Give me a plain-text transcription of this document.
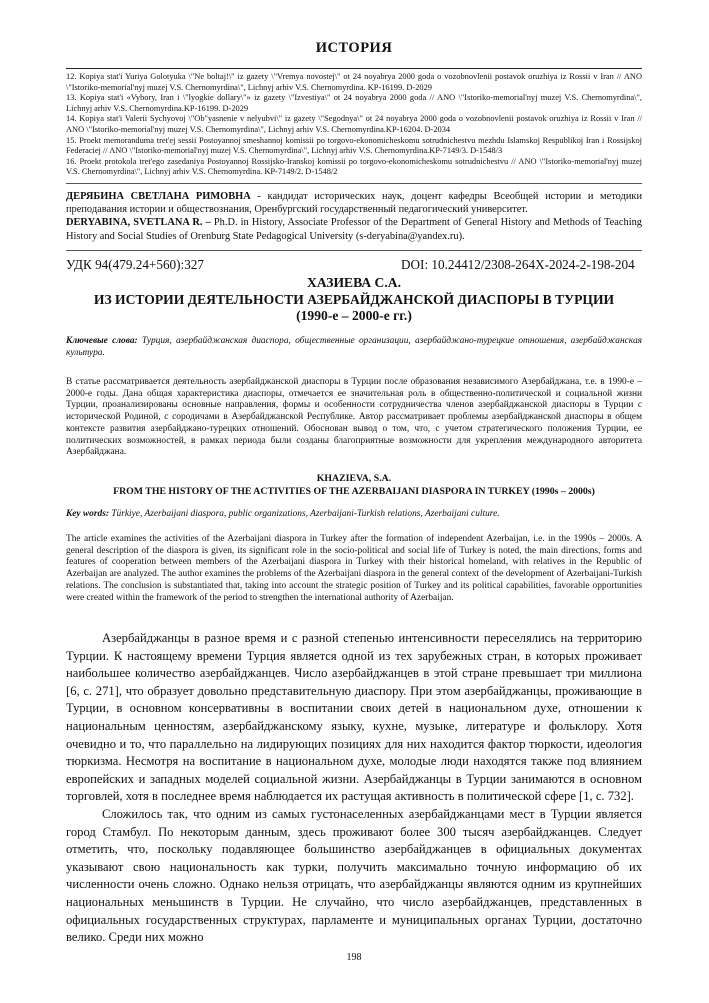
ИСТОРИЯ

12. Kopiya stat'i Yuriya Golotyuka \"Ne boltaj!\" iz gazety \"Vremya novostej\" ot 24 noyabrya 2000 goda o vozobnovlenii postavok oruzhiya iz Rossii v Iran // ANO \"Istoriko-memorial'nyj muzej V.S. Chernomyrdina\", Lichnyj arhiv V.S. Chernomyrdina. KP-16199. D-2029

13. Kopiya stat'i «Vybory, Iran i \"lyogkie dollary\"» iz gazety \"Izvestiya\" ot 24 noyabrya 2000 goda // ANO \"Istoriko-memorial'nyj muzej V.S. Chernomyrdina\", Lichnyj arhiv V.S. Chernomyrdina.KP-16199. D-2029

14. Kopiya stat'i Valeriі Sychyovoj \"Ob"yasnenie v nelyubvi\" iz gazety \"Segodnya\" ot 24 noyabrya 2000 goda o vozobnovlenii postavok oruzhiya iz Rossii v Iran // ANO \"Istoriko-memorial'nyj muzej V.S. Chernomyrdina\", Lichnyj arhiv V.S. Chernomyrdina.KP-16204. D-2034

15. Proekt memoranduma tret'ej sessii Postoyannoj smeshannoj komissii po torgovo-ekonomicheskomu sotrudnichestvu mezhdu Islamskoj Respublikoj Iran i Rossijskoj Federaciej // ANO \"Istoriko-memorial'nyj muzej V.S. Chernomyrdina\", Lichnyj arhiv V.S. Chernomyrdina.KP-7149/3. D-1548/3

16. Proekt protokola tret'ego zasedaniya Postoyannoj Rossijsko-Iranskoj komissii po torgovo-ekonomicheskomu sotrudnichestvu // ANO \"Istoriko-memorial'nyj muzej V.S. Chernomyrdina\", Lichnyj arhiv V.S. Chernomyrdina. KP-7149/2. D-1548/2

ДЕРЯБИНА СВЕТЛАНА РИМОВНА - кандидат исторических наук, доцент кафедры Всеобщей истории и методики преподавания истории и обществознания, Оренбургский государственный педагогический университет.

DERYABINA, SVETLANA R. – Ph.D. in History, Associate Professor of the Department of General History and Methods of Teaching History and Social Studies of Orenburg State Pedagogical University (s-deryabina@yandex.ru).

УДК 94(479.24+560):327	DOI: 10.24412/2308-264X-2024-2-198-204

ХАЗИЕВА С.А.

ИЗ ИСТОРИИ ДЕЯТЕЛЬНОСТИ АЗЕРБАЙДЖАНСКОЙ ДИАСПОРЫ В ТУРЦИИ

(1990-е – 2000-е гг.)

Ключевые слова: Турция, азербайджанская диаспора, общественные организации, азербайджано-турецкие отношения, азербайджанская культура.
В статье рассматривается деятельность азербайджанской диаспоры в Турции после образования независимого Азербайджана, т.е. в 1990-е – 2000-е годы. Дана общая характеристика диаспоры, отмечается ее значительная роль в общественно-политической и социальной жизни Турции, проанализированы основные направления, формы и особенности сотрудничества членов азербайджанской диаспоры в Турции с исторической Родиной, с сородичами в Азербайджанской Республике. Автор рассматривает проблемы азербайджанской диаспоры в общем контексте развития азербайджано-турецких отношений. Обоснован вывод о том, что, с учетом стратегического положения Турции, ее политических возможностей, в рамках периода были созданы благоприятные возможности для укрепления международного авторитета Азербайджана.

KHAZIEVA, S.A.

FROM THE HISTORY OF THE ACTIVITIES OF THE AZERBAIJANI DIASPORA IN TURKEY (1990s – 2000s)

Key words: Türkiye, Azerbaijani diaspora, public organizations, Azerbaijani-Turkish relations, Azerbaijani culture.
The article examines the activities of the Azerbaijani diaspora in Turkey after the formation of independent Azerbaijan, i.e. in the 1990s – 2000s. A general description of the diaspora is given, its significant role in the socio-political and social life of Turkey is noted, the main directions, forms and features of cooperation between members of the Azerbaijani diaspora in Turkey with their historical homeland, with relatives in the Republic of Azerbaijan are analyzed. The author examines the problems of the Azerbaijani diaspora in the general context of the development of Azerbaijani-Turkish relations. The conclusion is substantiated that, taking into account the strategic position of Turkey and its political capabilities, favorable opportunities were created within the framework of the period to strengthen the international authority of Azerbaijan.

Азербайджанцы в разное время и с разной степенью интенсивности переселялись на территорию Турции. К настоящему времени Турция является одной из тех зарубежных стран, в которых проживает наибольшее количество азербайджанцев. Число азербайджанцев в этой стране превышает три миллиона [6, с. 271], что образует довольно представительную диаспору. При этом азербайджанцы, проживающие в Турции, в основном консервативны в воспитании своих детей в национальном духе, отношении к национальным ценностям, азербайджанскому языку, кухне, музыке, литературе и фольклору. Хотя очевидно и то, что параллельно на лидирующих позициях для них находится фактор тюркости, идеология тюркизма. Несмотря на воспитание в национальном духе, молодые люди находятся также под влиянием европейских и западных моделей социальной жизни. Азербайджанцы в Турции занимаются в основном торговлей, хотя в последнее время наблюдается их растущая активность в политической сфере [1, с. 732].

Сложилось так, что одним из самых густонаселенных азербайджанцами мест в Турции является город Стамбул. По некоторым данным, здесь проживают более 300 тысяч азербайджанцев. Следует отметить, что, поскольку подавляющее большинство азербайджанцев в официальных документах указывают свою национальность как турки, получить максимально точную информацию об их численности очень сложно. Однако нельзя отрицать, что азербайджанцы являются одним из крупнейших национальных меньшинств в Турции. Не случайно, что число азербайджанцев, представленных в официальных государственных структурах, парламенте и муниципальных органах Турции, достаточно велико. Среди них можно

198
